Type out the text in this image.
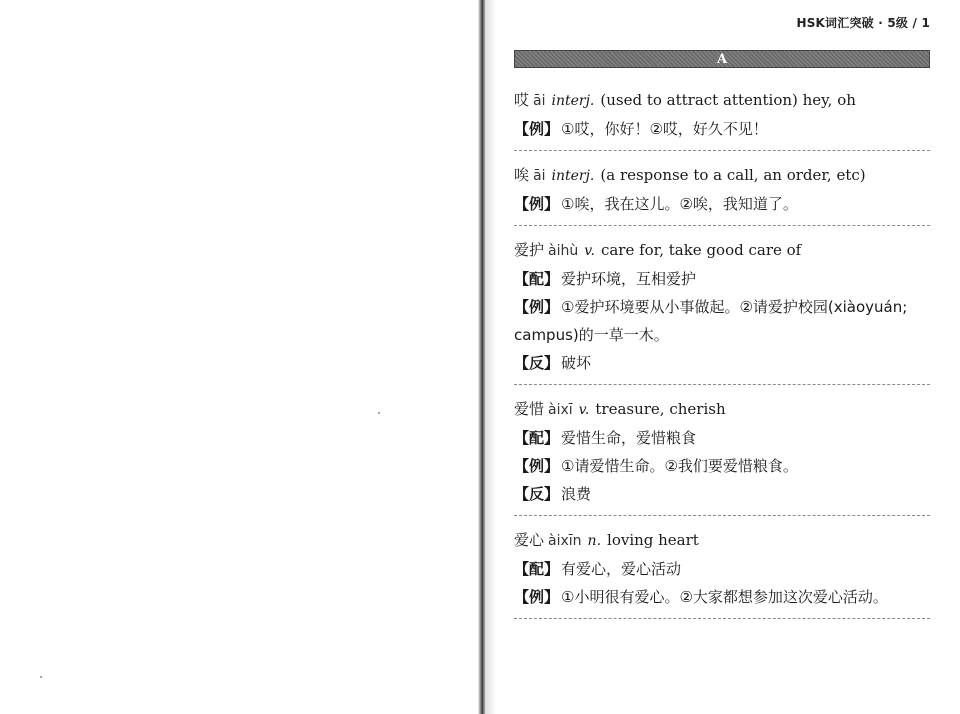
HSK词汇突破 · 5级 / 1
A
哎 āi interj. (used to attract attention) hey, oh
【例】 ①哎，你好！②哎，好久不见！
唉 āi interj. (a response to a call, an order, etc)
【例】 ①唉，我在这儿。②唉，我知道了。
爱护 àihù v. care for, take good care of
【配】 爱护环境，互相爱护
【例】 ①爱护环境要从小事做起。②请爱护校园(xiàoyuán; campus)的一草一木。
【反】 破坏
爱惜 àixī v. treasure, cherish
【配】 爱惜生命，爱惜粮食
【例】 ①请爱惜生命。②我们要爱惜粮食。
【反】 浪费
爱心 àixīn n. loving heart
【配】 有爱心，爱心活动
【例】 ①小明很有爱心。②大家都想参加这次爱心活动。
